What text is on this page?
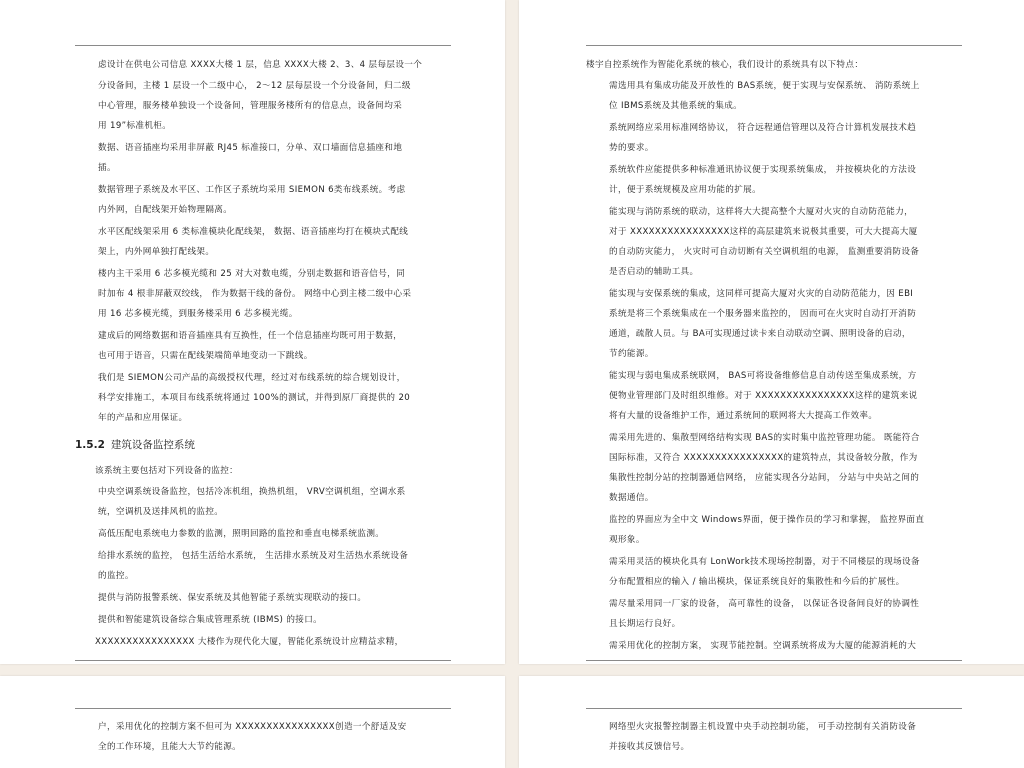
虑设计在供电公司信息 XXXX大楼 1 层，信息 XXXX大楼 2、3、4 层每层设一个
分设备间，主楼 1 层设一个二级中心， 2～12 层每层设一个分设备间，归二级
中心管理，服务楼单独设一个设备间，管理服务楼所有的信息点，设备间均采
用 19”标准机柜。
数据、语音插座均采用非屏蔽 RJ45 标准接口，分单、双口墙面信息插座和地
插。
数据管理子系统及水平区、工作区子系统均采用 SIEMON 6类布线系统。考虑
内外网，自配线架开始物理隔离。
水平区配线架采用 6 类标准模块化配线架， 数据、语音插座均打在模块式配线
架上，内外网单独打配线架。
楼内主干采用 6 芯多模光缆和 25 对大对数电缆，分别走数据和语音信号，同
时加布 4 根非屏蔽双绞线， 作为数据干线的备份。 网络中心到主楼二级中心采
用 16 芯多模光缆，到服务楼采用 6 芯多模光缆。
建成后的网络数据和语音插座具有互换性，任一个信息插座均既可用于数据，
也可用于语音，只需在配线架端简单地变动一下跳线。
我们是 SIEMON公司产品的高级授权代理，经过对布线系统的综合规划设计，
科学安排施工，本项目布线系统将通过 100%的测试，并得到原厂商提供的 20
年的产品和应用保证。
1.5.2 建筑设备监控系统
该系统主要包括对下列设备的监控：
中央空调系统设备监控，包括冷冻机组，换热机组， VRV空调机组，空调水系
统，空调机及送排风机的监控。
高低压配电系统电力参数的监测，照明回路的监控和垂直电梯系统监测。
给排水系统的监控， 包括生活给水系统， 生活排水系统及对生活热水系统设备
的监控。
提供与消防报警系统、保安系统及其他智能子系统实现联动的接口。
提供和智能建筑设备综合集成管理系统 (IBMS) 的接口。
XXXXXXXXXXXXXXXX 大楼作为现代化大厦，智能化系统设计应精益求精，
楼宇自控系统作为智能化系统的核心，我们设计的系统具有以下特点：
需选用具有集成功能及开放性的 BAS系统，便于实现与安保系统、 消防系统上
位 IBMS系统及其他系统的集成。
系统网络应采用标准网络协议， 符合远程通信管理以及符合计算机发展技术趋
势的要求。
系统软件应能提供多种标准通讯协议便于实现系统集成， 并按模块化的方法设
计，便于系统规模及应用功能的扩展。
能实现与消防系统的联动，这样将大大提高整个大厦对火灾的自动防范能力，
对于 XXXXXXXXXXXXXXXX这样的高层建筑来说极其重要，可大大提高大厦
的自动防灾能力， 火灾时可自动切断有关空调机组的电源， 监测重要消防设备
是否启动的辅助工具。
能实现与安保系统的集成，这同样可提高大厦对火灾的自动防范能力，因 EBI
系统是将三个系统集成在一个服务器来监控的， 因而可在火灾时自动打开消防
通道，疏散人员。与 BA可实现通过读卡来自动联动空调、照明设备的启动，
节约能源。
能实现与弱电集成系统联网， BAS可将设备维修信息自动传送至集成系统，方
便物业管理部门及时组织维修。对于 XXXXXXXXXXXXXXXX这样的建筑来说
将有大量的设备维护工作，通过系统间的联网将大大提高工作效率。
需采用先进的、集散型网络结构实现 BAS的实时集中监控管理功能。 既能符合
国际标准，又符合 XXXXXXXXXXXXXXXX的建筑特点，其设备较分散，作为
集散性控制分站的控制器通信网络， 应能实现各分站间， 分站与中央站之间的
数据通信。
监控的界面应为全中文 Windows界面，便于操作员的学习和掌握， 监控界面直
观形象。
需采用灵活的模块化具有 LonWork技术现场控制器，对于不同楼层的现场设备
分布配置相应的输入 / 输出模块，保证系统良好的集散性和今后的扩展性。
需尽量采用同一厂家的设备， 高可靠性的设备， 以保证各设备间良好的协调性
且长期运行良好。
需采用优化的控制方案， 实现节能控制。空调系统将成为大厦的能源消耗的大
户，采用优化的控制方案不但可为 XXXXXXXXXXXXXXXX创造一个舒适及安
全的工作环境，且能大大节约能源。
网络型火灾报警控制器主机设置中央手动控制功能， 可手动控制有关消防设备
并接收其反馈信号。
